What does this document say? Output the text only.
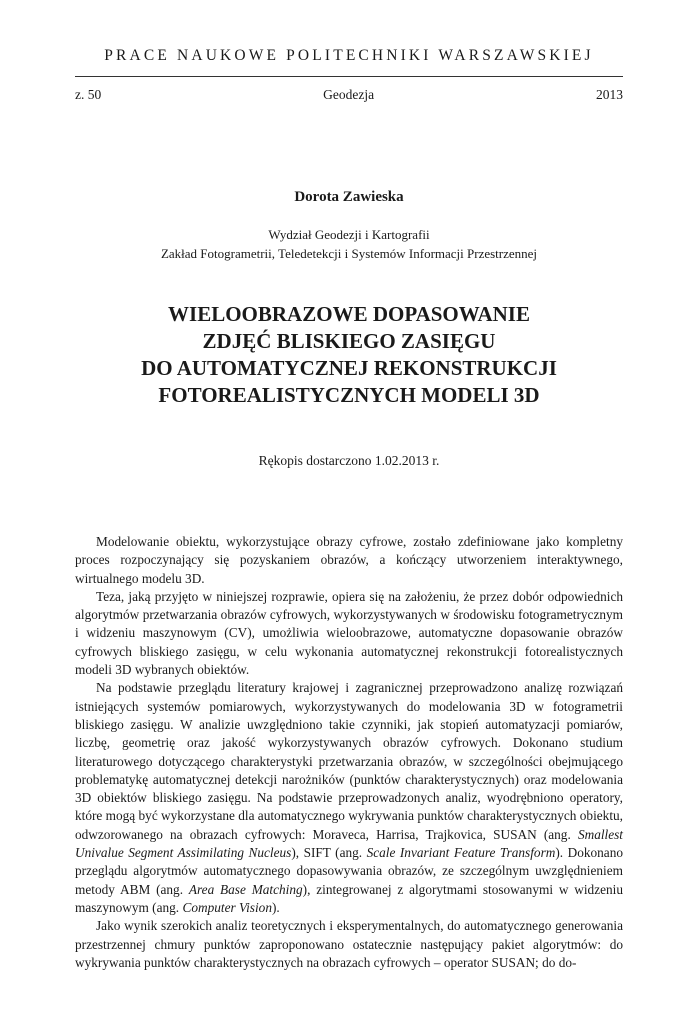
PRACE NAUKOWE POLITECHNIKI WARSZAWSKIEJ
z. 50	Geodezja	2013
Dorota Zawieska
Wydział Geodezji i Kartografii
Zakład Fotogrametrii, Teledetekcji i Systemów Informacji Przestrzennej
WIELOOBRAZOWE DOPASOWANIE
ZDJĘĆ BLISKIEGO ZASIĘGU
DO AUTOMATYCZNEJ REKONSTRUKCJI
FOTOREALISTYCZNYCH MODELI 3D
Rękopis dostarczono 1.02.2013 r.

Modelowanie obiektu, wykorzystujące obrazy cyfrowe, zostało zdefiniowane jako kompletny proces rozpoczynający się pozyskaniem obrazów, a kończący utworzeniem interaktywnego, wirtualnego modelu 3D.

Teza, jaką przyjęto w niniejszej rozprawie, opiera się na założeniu, że przez dobór odpowiednich algorytmów przetwarzania obrazów cyfrowych, wykorzystywanych w środowisku fotogrametrycznym i widzeniu maszynowym (CV), umożliwia wieloobrazowe, automatyczne dopasowanie obrazów cyfrowych bliskiego zasięgu, w celu wykonania automatycznej rekonstrukcji fotorealistycznych modeli 3D wybranych obiektów.

Na podstawie przeglądu literatury krajowej i zagranicznej przeprowadzono analizę rozwiązań istniejących systemów pomiarowych, wykorzystywanych do modelowania 3D w fotogrametrii bliskiego zasięgu. W analizie uwzględniono takie czynniki, jak stopień automatyzacji pomiarów, liczbę, geometrię oraz jakość wykorzystywanych obrazów cyfrowych. Dokonano studium literaturowego dotyczącego charakterystyki przetwarzania obrazów, w szczególności obejmującego problematykę automatycznej detekcji narożników (punktów charakterystycznych) oraz modelowania 3D obiektów bliskiego zasięgu. Na podstawie przeprowadzonych analiz, wyodrębniono operatory, które mogą być wykorzystane dla automatycznego wykrywania punktów charakterystycznych obiektu, odwzorowanego na obrazach cyfrowych: Moraveca, Harrisa, Trajkovica, SUSAN (ang. Smallest Univalue Segment Assimilating Nucleus), SIFT (ang. Scale Invariant Feature Transform). Dokonano przeglądu algorytmów automatycznego dopasowywania obrazów, ze szczególnym uwzględnieniem metody ABM (ang. Area Base Matching), zintegrowanej z algorytmami stosowanymi w widzeniu maszynowym (ang. Computer Vision).

Jako wynik szerokich analiz teoretycznych i eksperymentalnych, do automatycznego generowania przestrzennej chmury punktów zaproponowano ostatecznie następujący pakiet algorytmów: do wykrywania punktów charakterystycznych na obrazach cyfrowych – operator SUSAN; do do-
